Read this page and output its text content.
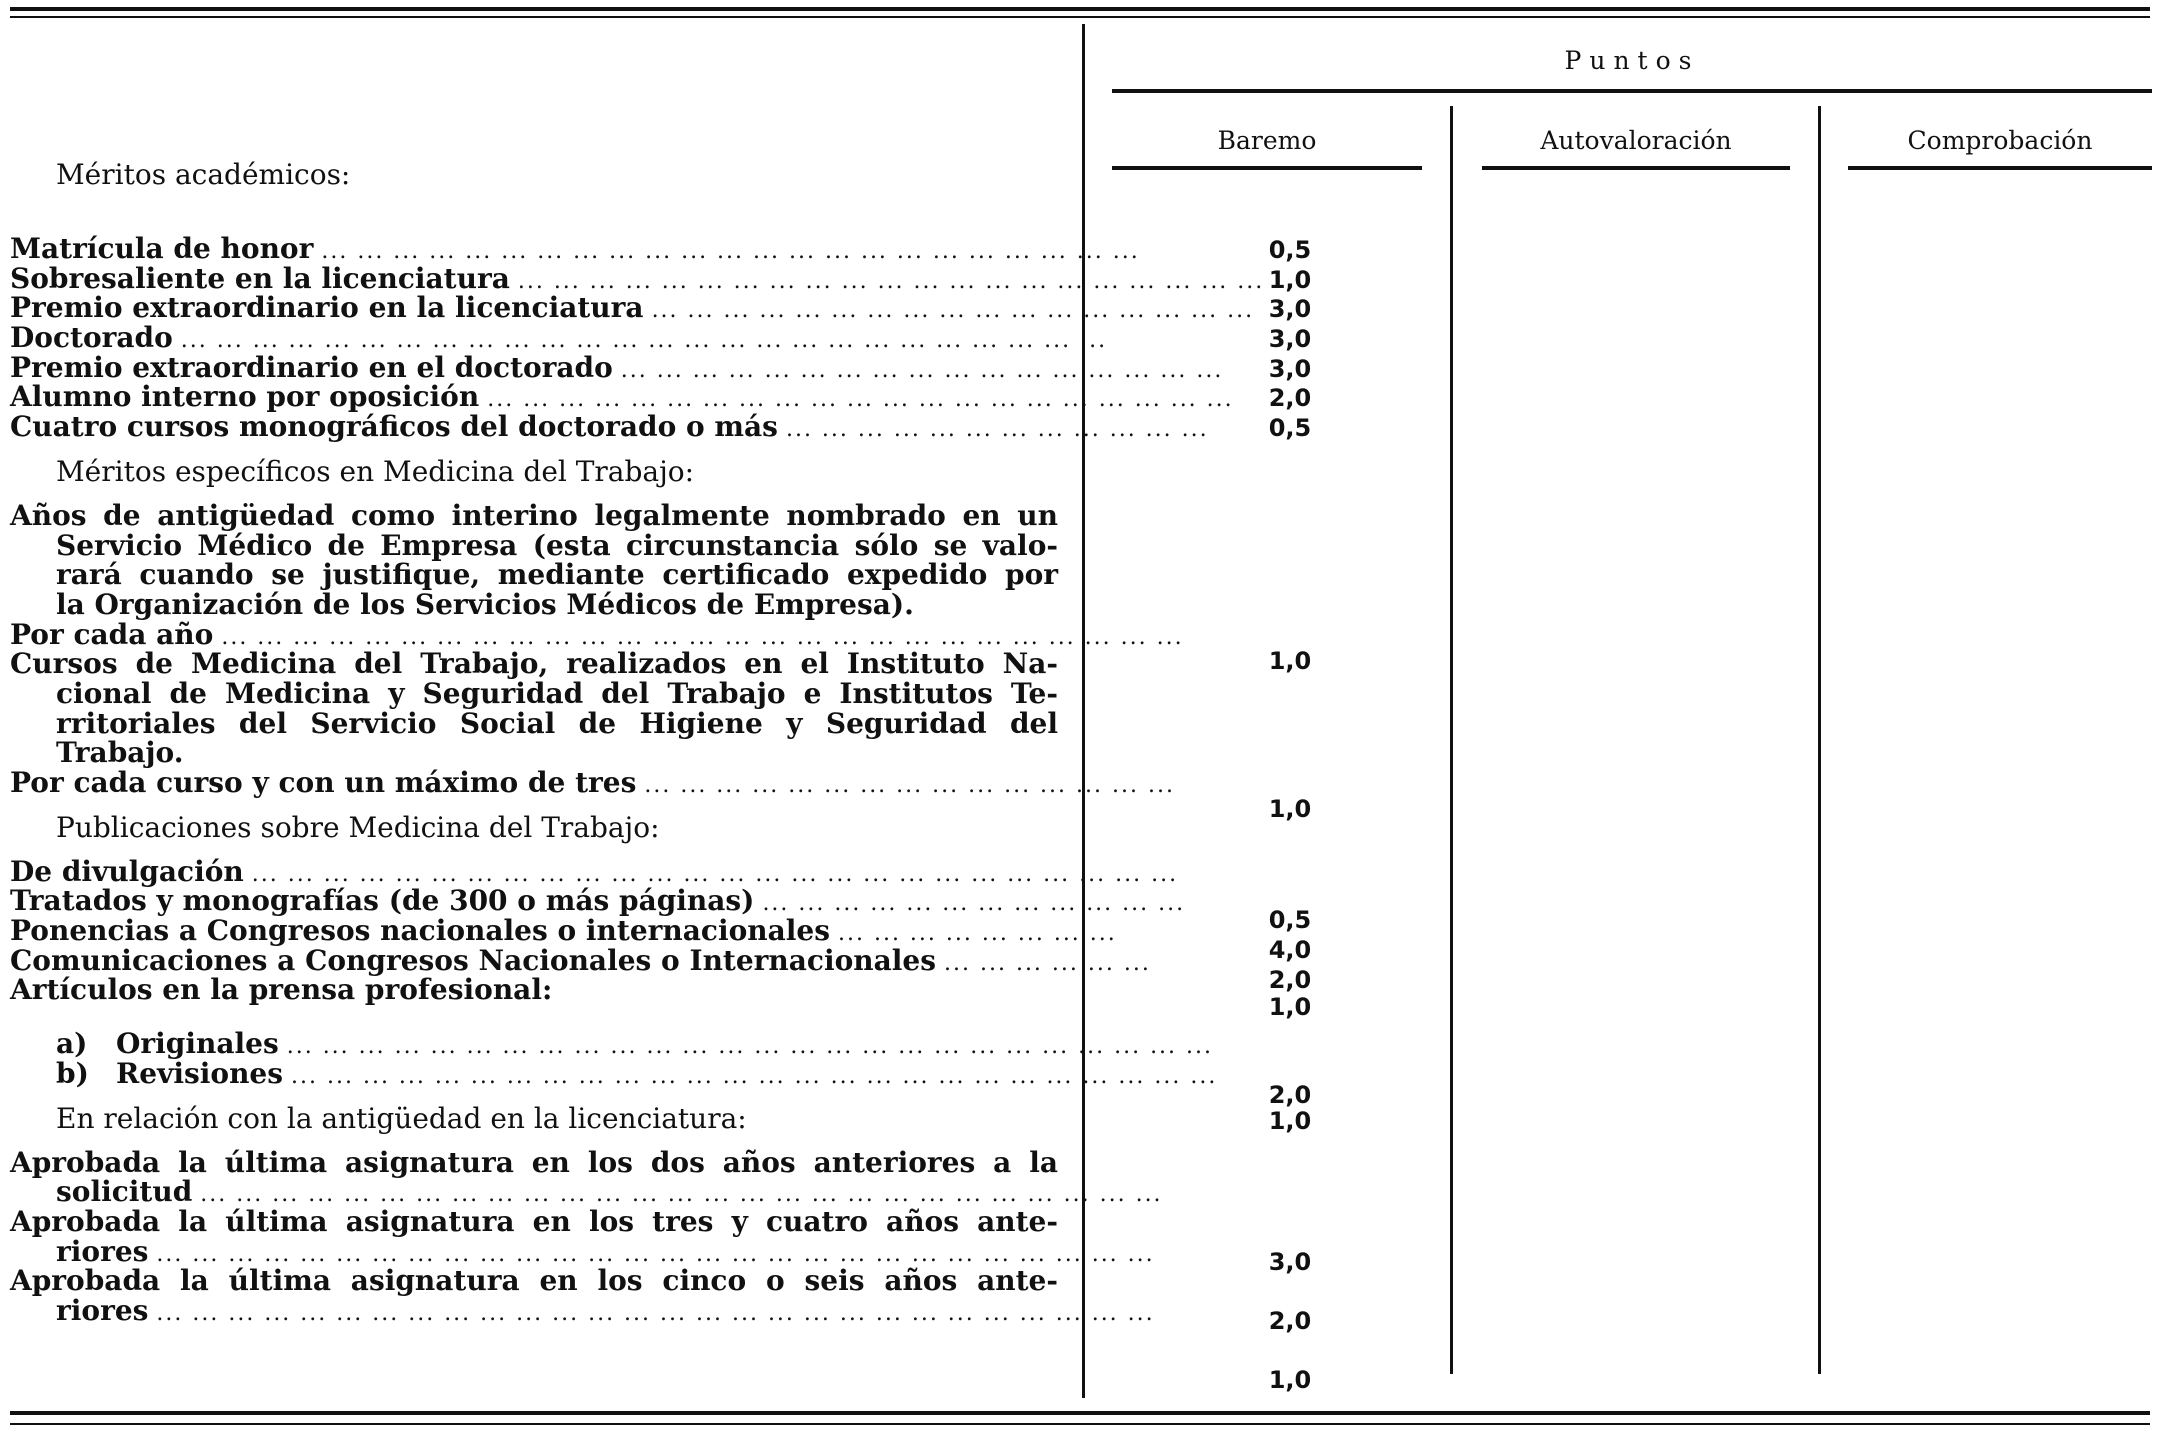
Puntos
Baremo	Autovaloración	Comprobación
Méritos académicos:
Matrícula de honor ... ... ... ... ... ... ... ... ... ... ... ... ... ... ... ... ... ... ... ... ... ... ...
Sobresaliente en la licenciatura ... ... ... ... ... ... ... ... ... ... ... ... ... ... ... ... ... ... ... ... ...
Premio extraordinario en la licenciatura ... ... ... ... ... ... ... ... ... ... ... ... ... ... ... ... ...
Doctorado ... ... ... ... ... ... ... ... ... ... ... ... ... ... ... ... ... ... ... ... ... ... ... ... ... ...
Premio extraordinario en el doctorado ... ... ... ... ... ... ... ... ... ... ... ... ... ... ... ... ...
Alumno interno por oposición ... ... ... ... ... ... ... ... ... ... ... ... ... ... ... ... ... ... ... ... ...
Cuatro cursos monográficos del doctorado o más ... ... ... ... ... ... ... ... ... ... ... ...
Méritos específicos en Medicina del Trabajo:
Años de antigüedad como interino legalmente nombrado en un
Servicio Médico de Empresa (esta circunstancia sólo se valo-
rará cuando se justifique, mediante certificado expedido por
la Organización de los Servicios Médicos de Empresa).
Por cada año ... ... ... ... ... ... ... ... ... ... ... ... ... ... ... ... ... ... ... ... ... ... ... ... ... ... ...
Cursos de Medicina del Trabajo, realizados en el Instituto Na-
cional de Medicina y Seguridad del Trabajo e Institutos Te-
rritoriales del Servicio Social de Higiene y Seguridad del
Trabajo.
Por cada curso y con un máximo de tres ... ... ... ... ... ... ... ... ... ... ... ... ... ... ...
Publicaciones sobre Medicina del Trabajo:
De divulgación ... ... ... ... ... ... ... ... ... ... ... ... ... ... ... ... ... ... ... ... ... ... ... ... ... ...
Tratados y monografías (de 300 o más páginas) ... ... ... ... ... ... ... ... ... ... ... ...
Ponencias a Congresos nacionales o internacionales ... ... ... ... ... ... ... ...
Comunicaciones a Congresos Nacionales o Internacionales ... ... ... ... ... ...
Artículos en la prensa profesional:
a) Originales ... ... ... ... ... ... ... ... ... ... ... ... ... ... ... ... ... ... ... ... ... ... ... ... ... ...
b) Revisiones ... ... ... ... ... ... ... ... ... ... ... ... ... ... ... ... ... ... ... ... ... ... ... ... ... ...
En relación con la antigüedad en la licenciatura:
Aprobada la última asignatura en los dos años anteriores a la
solicitud ... ... ... ... ... ... ... ... ... ... ... ... ... ... ... ... ... ... ... ... ... ... ... ... ... ... ...
Aprobada la última asignatura en los tres y cuatro años ante-
riores ... ... ... ... ... ... ... ... ... ... ... ... ... ... ... ... ... ... ... ... ... ... ... ... ... ... ... ...
Aprobada la última asignatura en los cinco o seis años ante-
riores ... ... ... ... ... ... ... ... ... ... ... ... ... ... ... ... ... ... ... ... ... ... ... ... ... ... ... ...
0,5
1,0
3,0
3,0
3,0
2,0
0,5
1,0
1,0
0,5
4,0
2,0
1,0
2,0
1,0
3,0
2,0
1,0
